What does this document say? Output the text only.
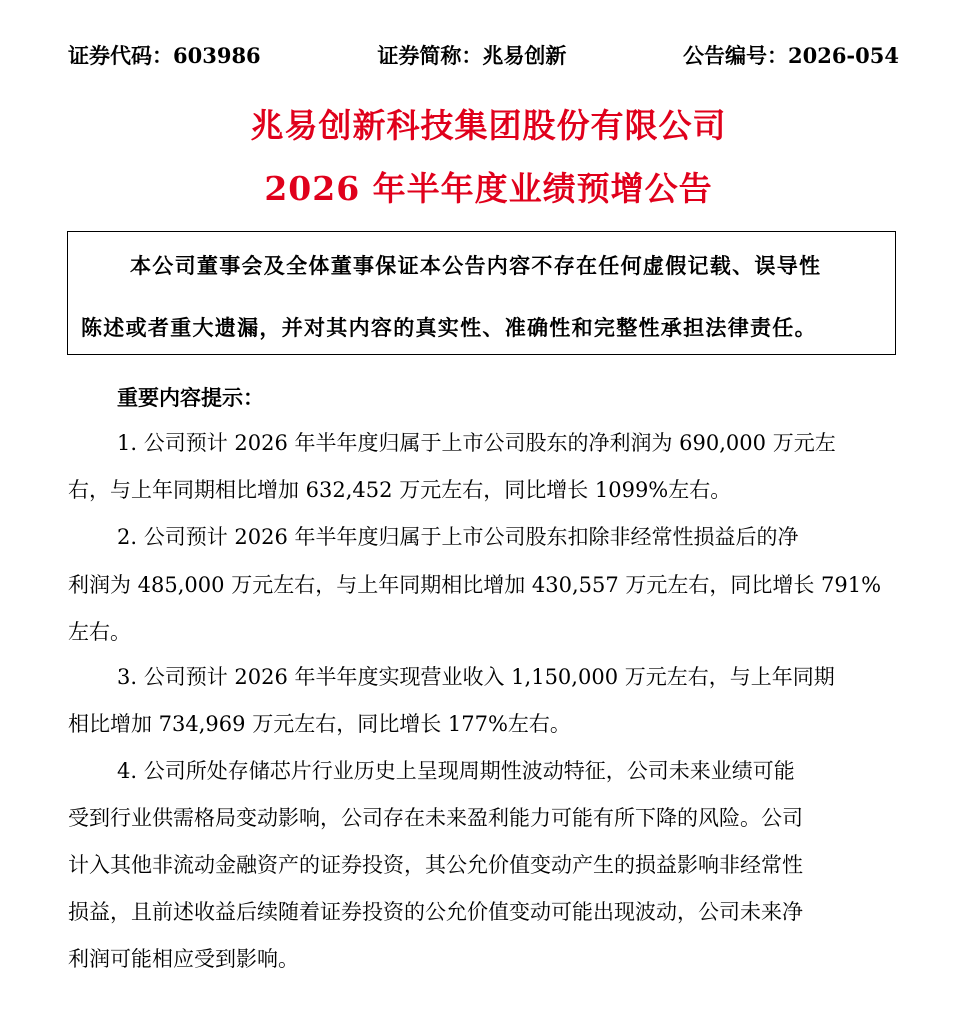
证券代码：603986	证券简称：兆易创新	公告编号：2026-054
兆易创新科技集团股份有限公司
2026 年半年度业绩预增公告
本公司董事会及全体董事保证本公告内容不存在任何虚假记载、误导性
陈述或者重大遗漏，并对其内容的真实性、准确性和完整性承担法律责任。
重要内容提示：
1. 公司预计 2026 年半年度归属于上市公司股东的净利润为 690,000 万元左
右，与上年同期相比增加 632,452 万元左右，同比增长 1099%左右。
2. 公司预计 2026 年半年度归属于上市公司股东扣除非经常性损益后的净
利润为 485,000 万元左右，与上年同期相比增加 430,557 万元左右，同比增长 791%
左右。
3. 公司预计 2026 年半年度实现营业收入 1,150,000 万元左右，与上年同期
相比增加 734,969 万元左右，同比增长 177%左右。
4. 公司所处存储芯片行业历史上呈现周期性波动特征，公司未来业绩可能
受到行业供需格局变动影响，公司存在未来盈利能力可能有所下降的风险。公司
计入其他非流动金融资产的证券投资，其公允价值变动产生的损益影响非经常性
损益，且前述收益后续随着证券投资的公允价值变动可能出现波动，公司未来净
利润可能相应受到影响。
